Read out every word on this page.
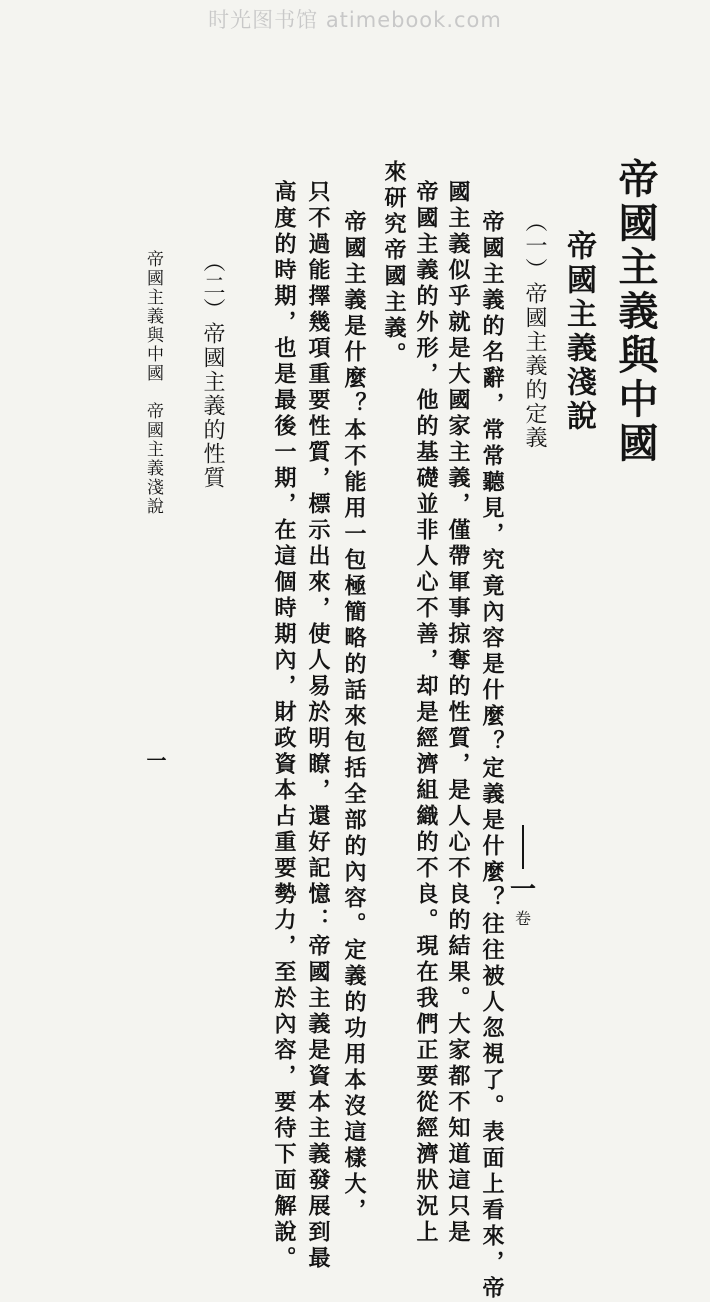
时光图书馆 atimebook.com
帝國主義與中國
帝國主義淺說
（一）帝國主義的定義
帝國主義的名辭，常常聽見，究竟內容是什麼？定義是什麼？往往被人忽視了。表面上看來，帝
國主義似乎就是大國家主義，僅帶軍事掠奪的性質，是人心不良的結果。大家都不知道這只是
帝國主義的外形，他的基礎並非人心不善，却是經濟組織的不良。現在我們正要從經濟狀況上
來研究帝國主義。
帝國主義是什麼？本不能用一包極簡略的話來包括全部的內容。定義的功用本沒這樣大，
只不過能擇幾項重要性質，標示出來，使人易於明瞭，還好記憶：帝國主義是資本主義發展到最
高度的時期，也是最後一期，在這個時期內，財政資本占重要勢力，至於內容，要待下面解說。
（二）帝國主義的性質
帝國主義與中國　帝國主義淺說
一
一
卷
